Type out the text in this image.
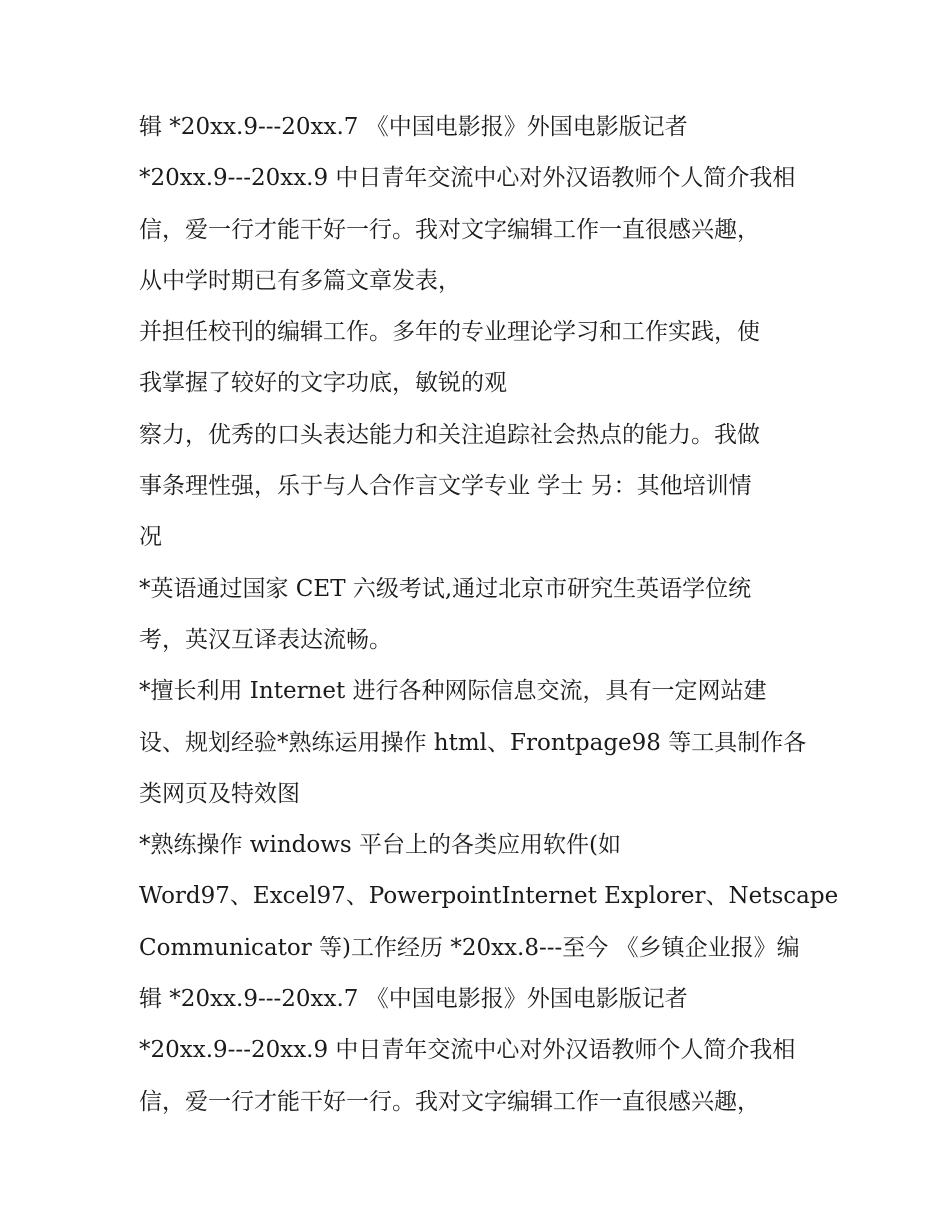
辑 *20xx.9---20xx.7 《中国电影报》外国电影版记者
*20xx.9---20xx.9 中日青年交流中心对外汉语教师个人简介我相
信，爱一行才能干好一行。我对文字编辑工作一直很感兴趣，
从中学时期已有多篇文章发表，
并担任校刊的编辑工作。多年的专业理论学习和工作实践，使
我掌握了较好的文字功底，敏锐的观
察力，优秀的口头表达能力和关注追踪社会热点的能力。我做
事条理性强，乐于与人合作言文学专业 学士 另：其他培训情
况
*英语通过国家 CET 六级考试,通过北京市研究生英语学位统
考，英汉互译表达流畅。
*擅长利用 Internet 进行各种网际信息交流，具有一定网站建
设、规划经验*熟练运用操作 html、Frontpage98 等工具制作各
类网页及特效图
*熟练操作 windows 平台上的各类应用软件(如
Word97、Excel97、PowerpointInternet Explorer、Netscape
Communicator 等)工作经历 *20xx.8---至今 《乡镇企业报》编
辑 *20xx.9---20xx.7 《中国电影报》外国电影版记者
*20xx.9---20xx.9 中日青年交流中心对外汉语教师个人简介我相
信，爱一行才能干好一行。我对文字编辑工作一直很感兴趣，
